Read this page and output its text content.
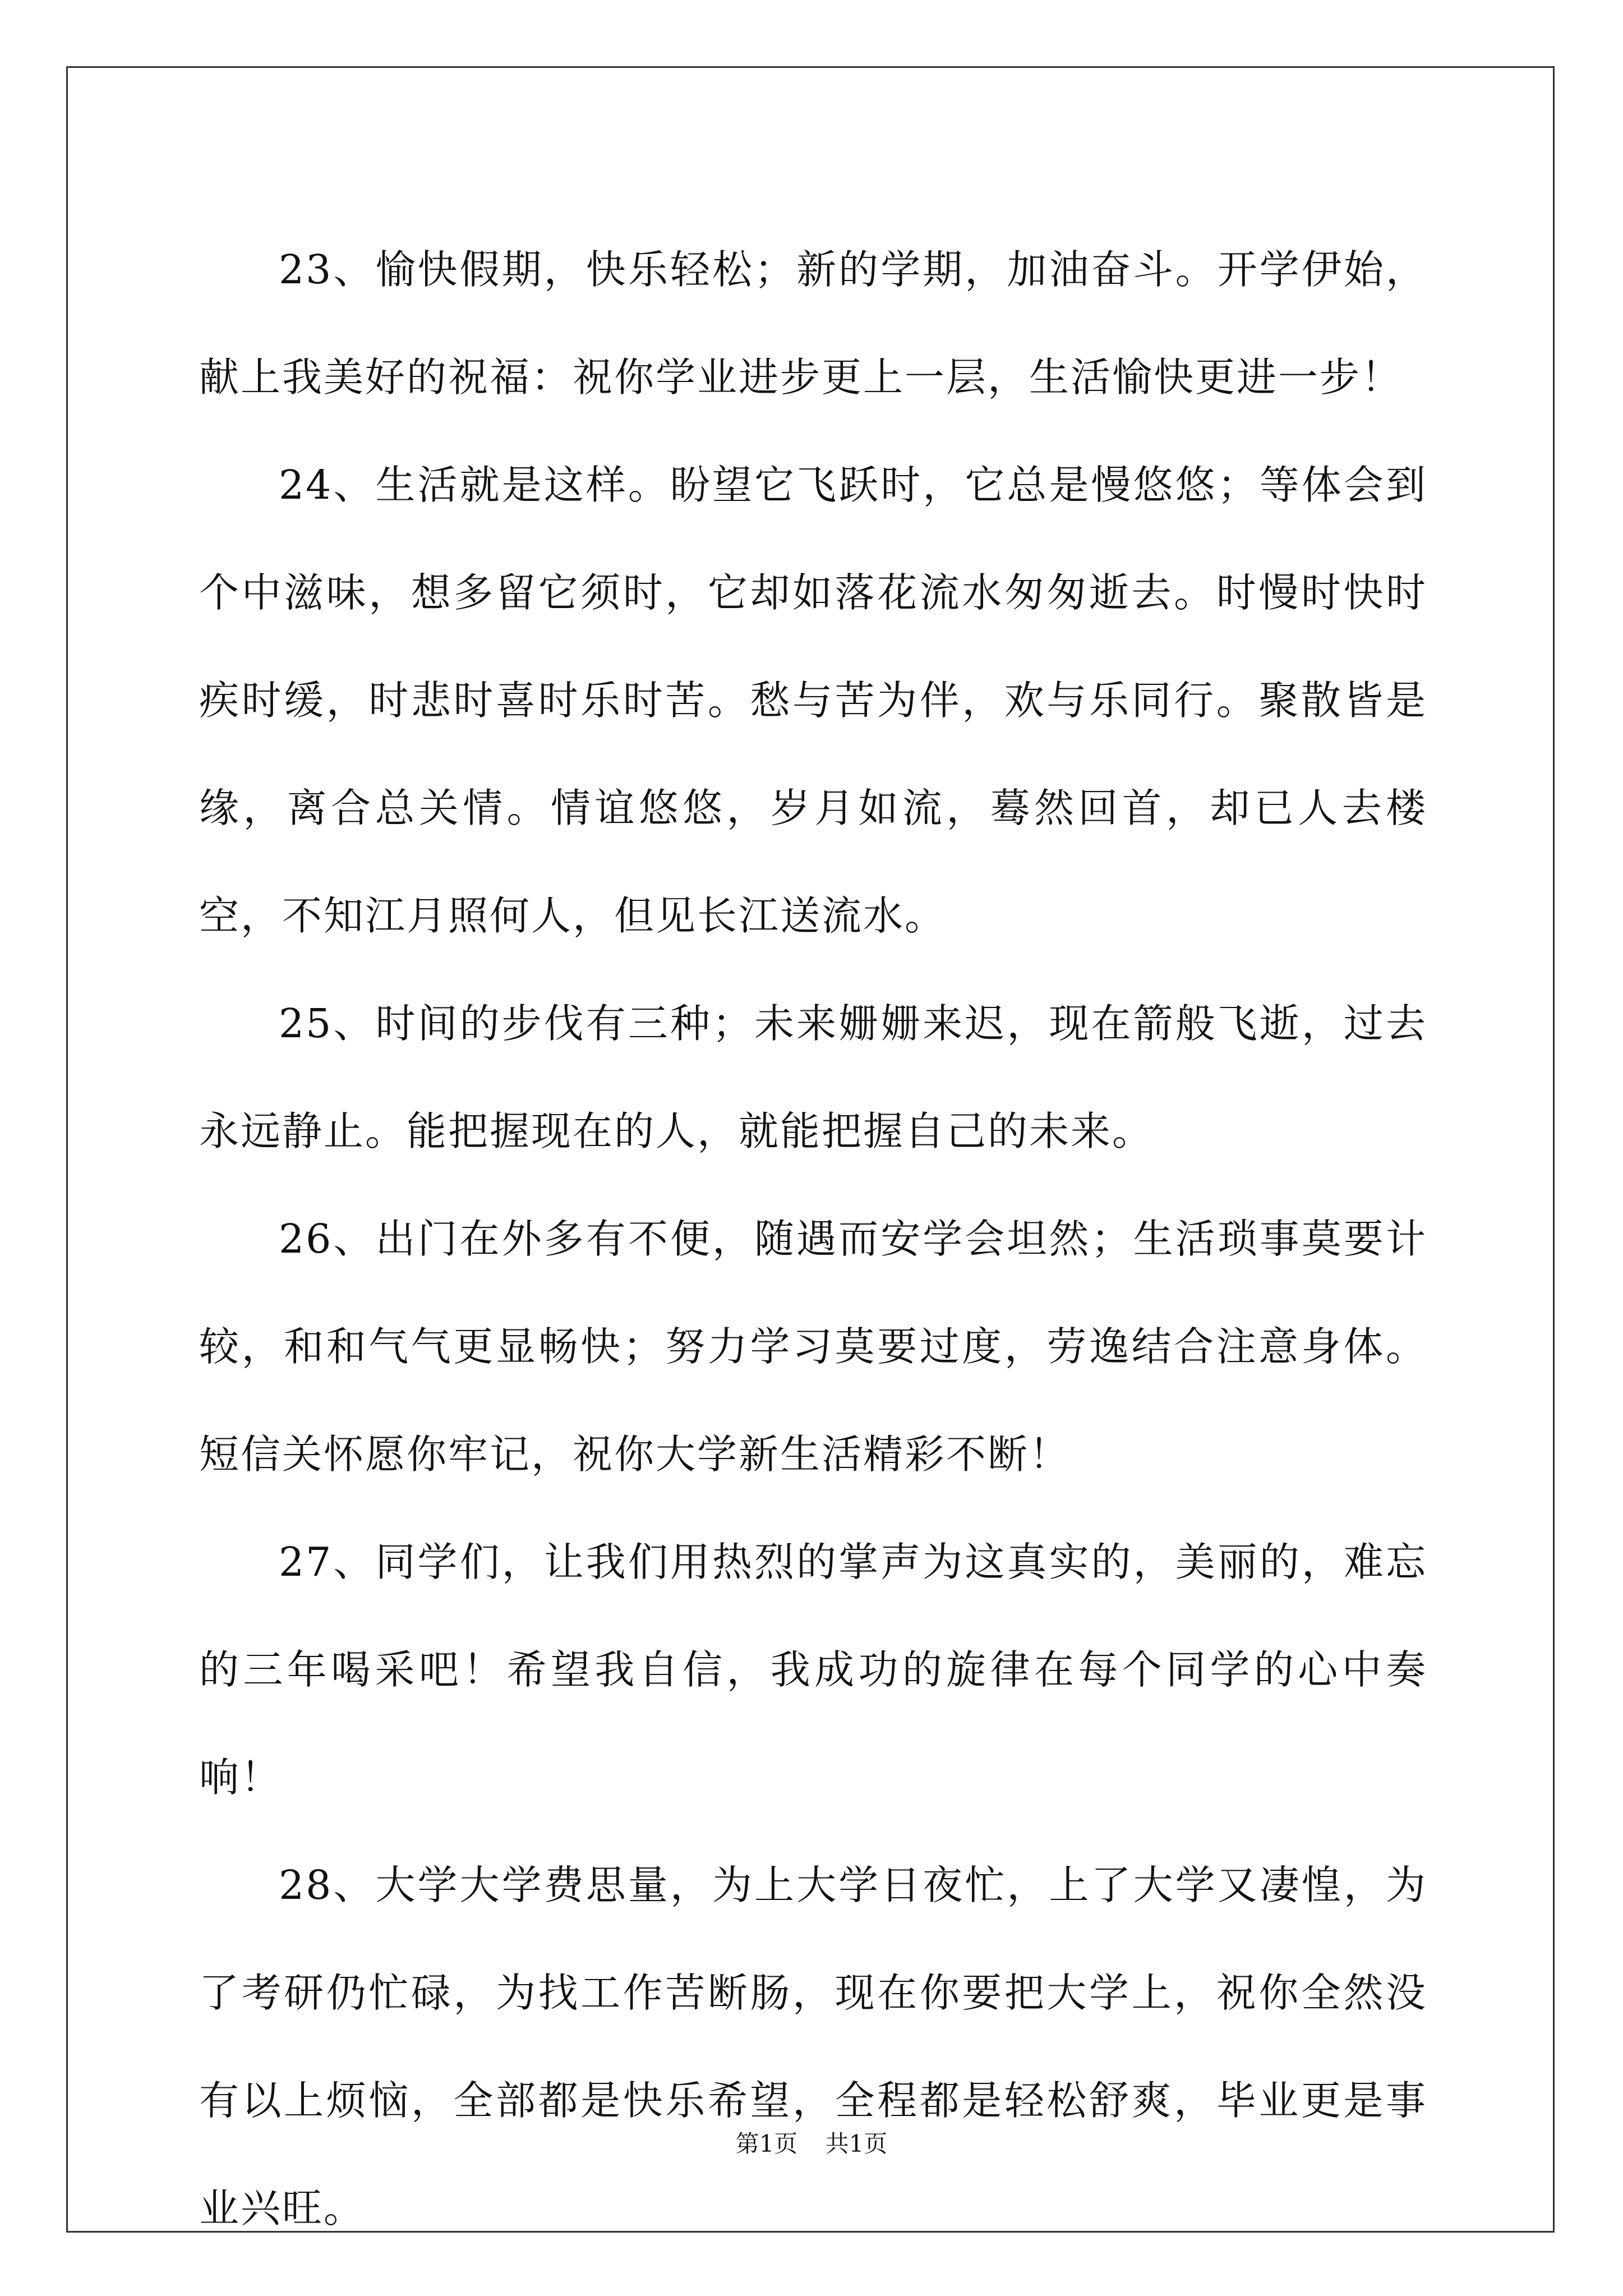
23、愉快假期，快乐轻松；新的学期，加油奋斗。开学伊始，献上我美好的祝福：祝你学业进步更上一层，生活愉快更进一步！

24、生活就是这样。盼望它飞跃时，它总是慢悠悠；等体会到个中滋味，想多留它须时，它却如落花流水匆匆逝去。时慢时快时疾时缓，时悲时喜时乐时苦。愁与苦为伴，欢与乐同行。聚散皆是缘，离合总关情。情谊悠悠，岁月如流，蓦然回首，却已人去楼空，不知江月照何人，但见长江送流水。

25、时间的步伐有三种；未来姗姗来迟，现在箭般飞逝，过去永远静止。能把握现在的人，就能把握自己的未来。

26、出门在外多有不便，随遇而安学会坦然；生活琐事莫要计较，和和气气更显畅快；努力学习莫要过度，劳逸结合注意身体。短信关怀愿你牢记，祝你大学新生活精彩不断！

27、同学们，让我们用热烈的掌声为这真实的，美丽的，难忘的三年喝采吧！希望我自信，我成功的旋律在每个同学的心中奏响！

28、大学大学费思量，为上大学日夜忙，上了大学又凄惶，为了考研仍忙碌，为找工作苦断肠，现在你要把大学上，祝你全然没有以上烦恼，全部都是快乐希望，全程都是轻松舒爽，毕业更是事业兴旺。

第1页 共1页
